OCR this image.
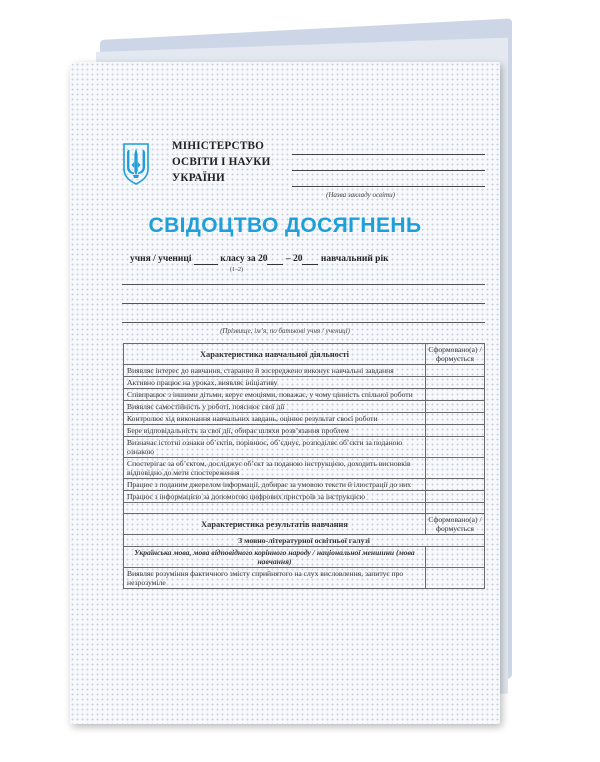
МІНІСТЕРСТВО
ОСВІТИ І НАУКИ
УКРАЇНИ
(Назва закладу освіти)
СВІДОЦТВО ДОСЯГНЕНЬ
учня / учениці	класу за 20 – 20 навчальний рік
(1–2)
(Прізвище, ім’я, по батькові учня / учениці)
Характеристика навчальної діяльності	Сформовано(а) / формується
Виявляє інтерес до навчання, старанно й зосереджено виконує навчальні завдання	
Активно працює на уроках, виявляє ініціативу	
Співпрацює з іншими дітьми, керує емоціями, поважає, у чому цінність спільної роботи	
Виявляє самостійність у роботі, пояснює свої дії	
Контролює хід виконання навчальних завдань, оцінює результат своєї роботи	
Бере відповідальність за свої дії, обирає шляхи розв’язання проблем	
Визначає істотні ознаки об’єктів, порівнює, об’єднує, розподіляє об’єкти за поданою ознакою	
Спостерігає за об’єктом, досліджує об’єкт за поданою інструкцією, доходить висновків відповідно до мети спостереження	
Працює з поданим джерелом інформації, добирає за умовою тексти й ілюстрації до них	
Працює з інформацією за допомогою цифрових пристроїв за інструкцією	

Характеристика результатів навчання	Сформовано(а) / формується
З мовно-літературної освітньої галузі	
Українська мова, мова відповідного корінного народу / національної меншини (мова навчання)	
Виявляє розуміння фактичного змісту сприйнятого на слух висловлення, запитує про незрозуміле	
